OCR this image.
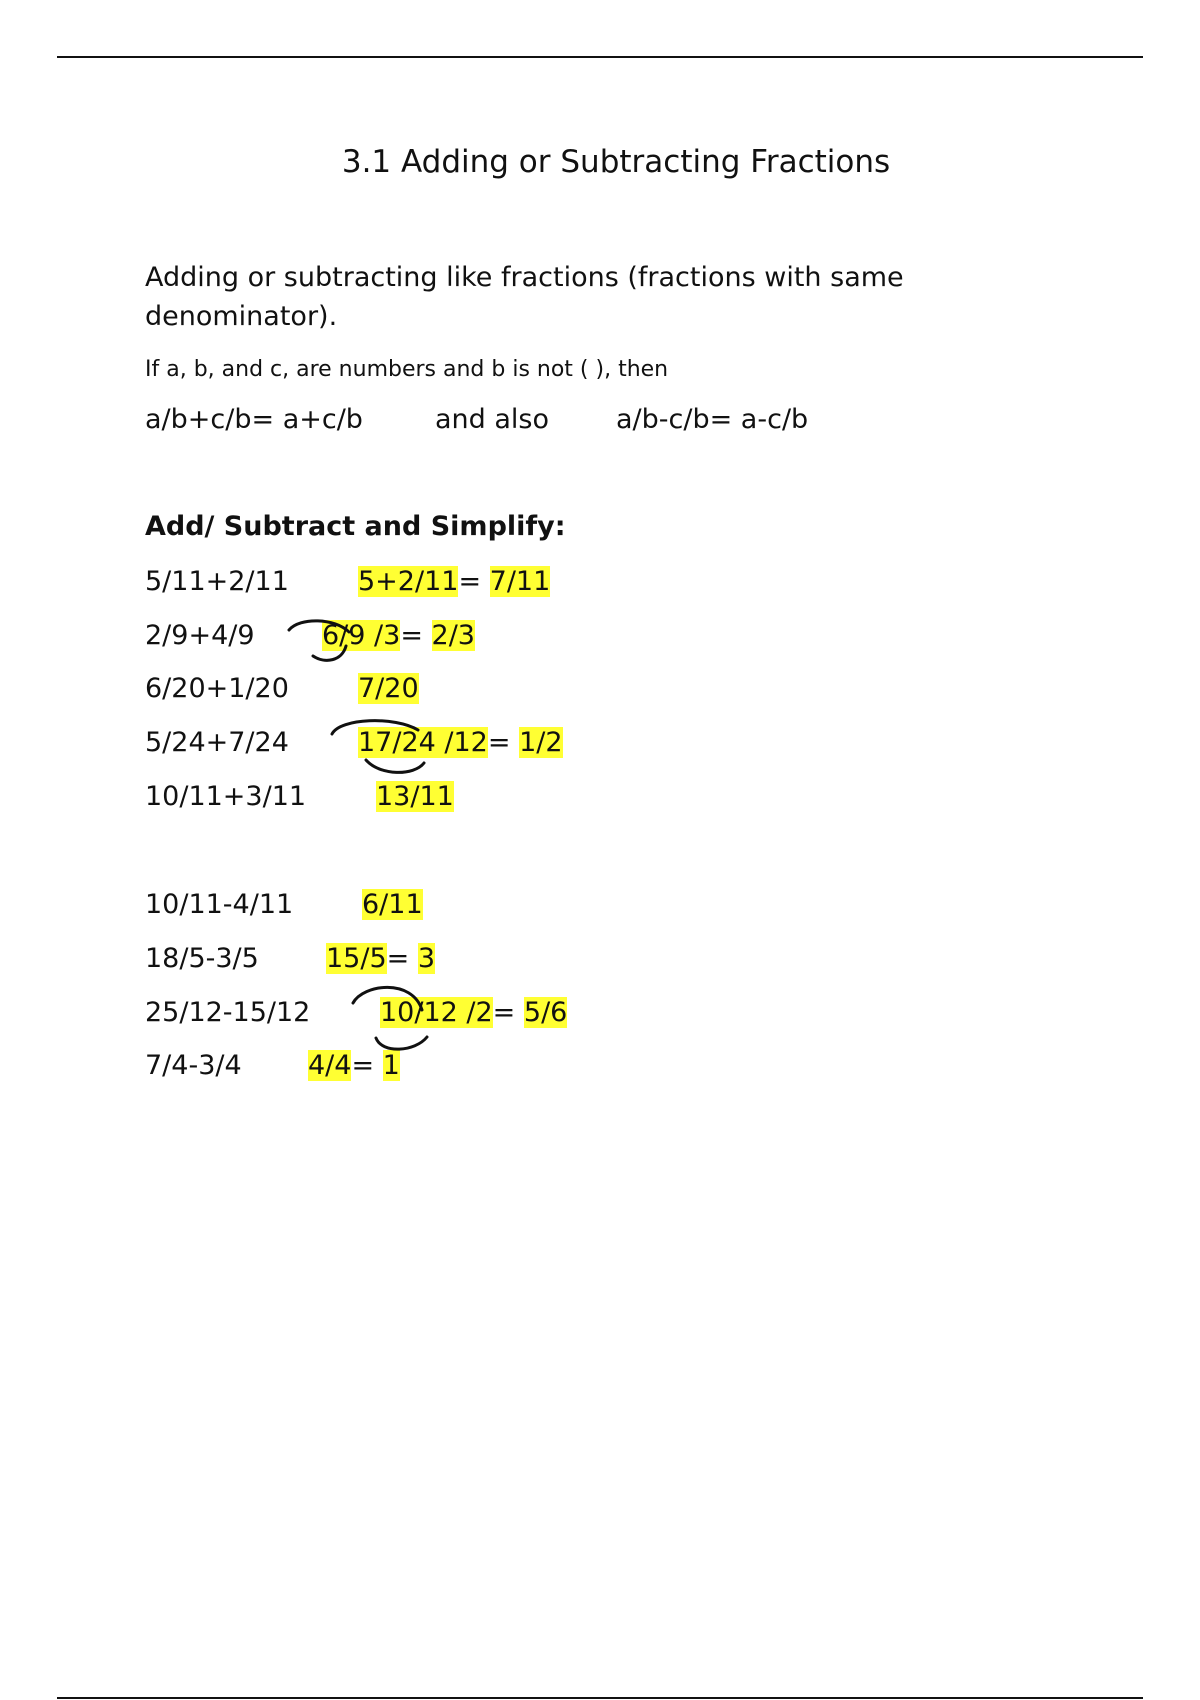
3.1 Adding or Subtracting Fractions
Adding or subtracting like fractions (fractions with same denominator).
If a, b, and c, are numbers and b is not ( ), then
a/b+c/b= a+c/b	and also a/b-c/b= a-c/b
Add/ Subtract and Simplify:
5/11+2/11	5+2/11= 7/11
2/9+4/9 6/9 /3= 2/3
6/20+1/20	7/20
5/24+7/24	17/24 /12= 1/2
10/11+3/11	13/11
10/11-4/11	6/11
18/5-3/5 15/5= 3
25/12-15/12	10/12 /2= 5/6
7/4-3/4 4/4= 1
